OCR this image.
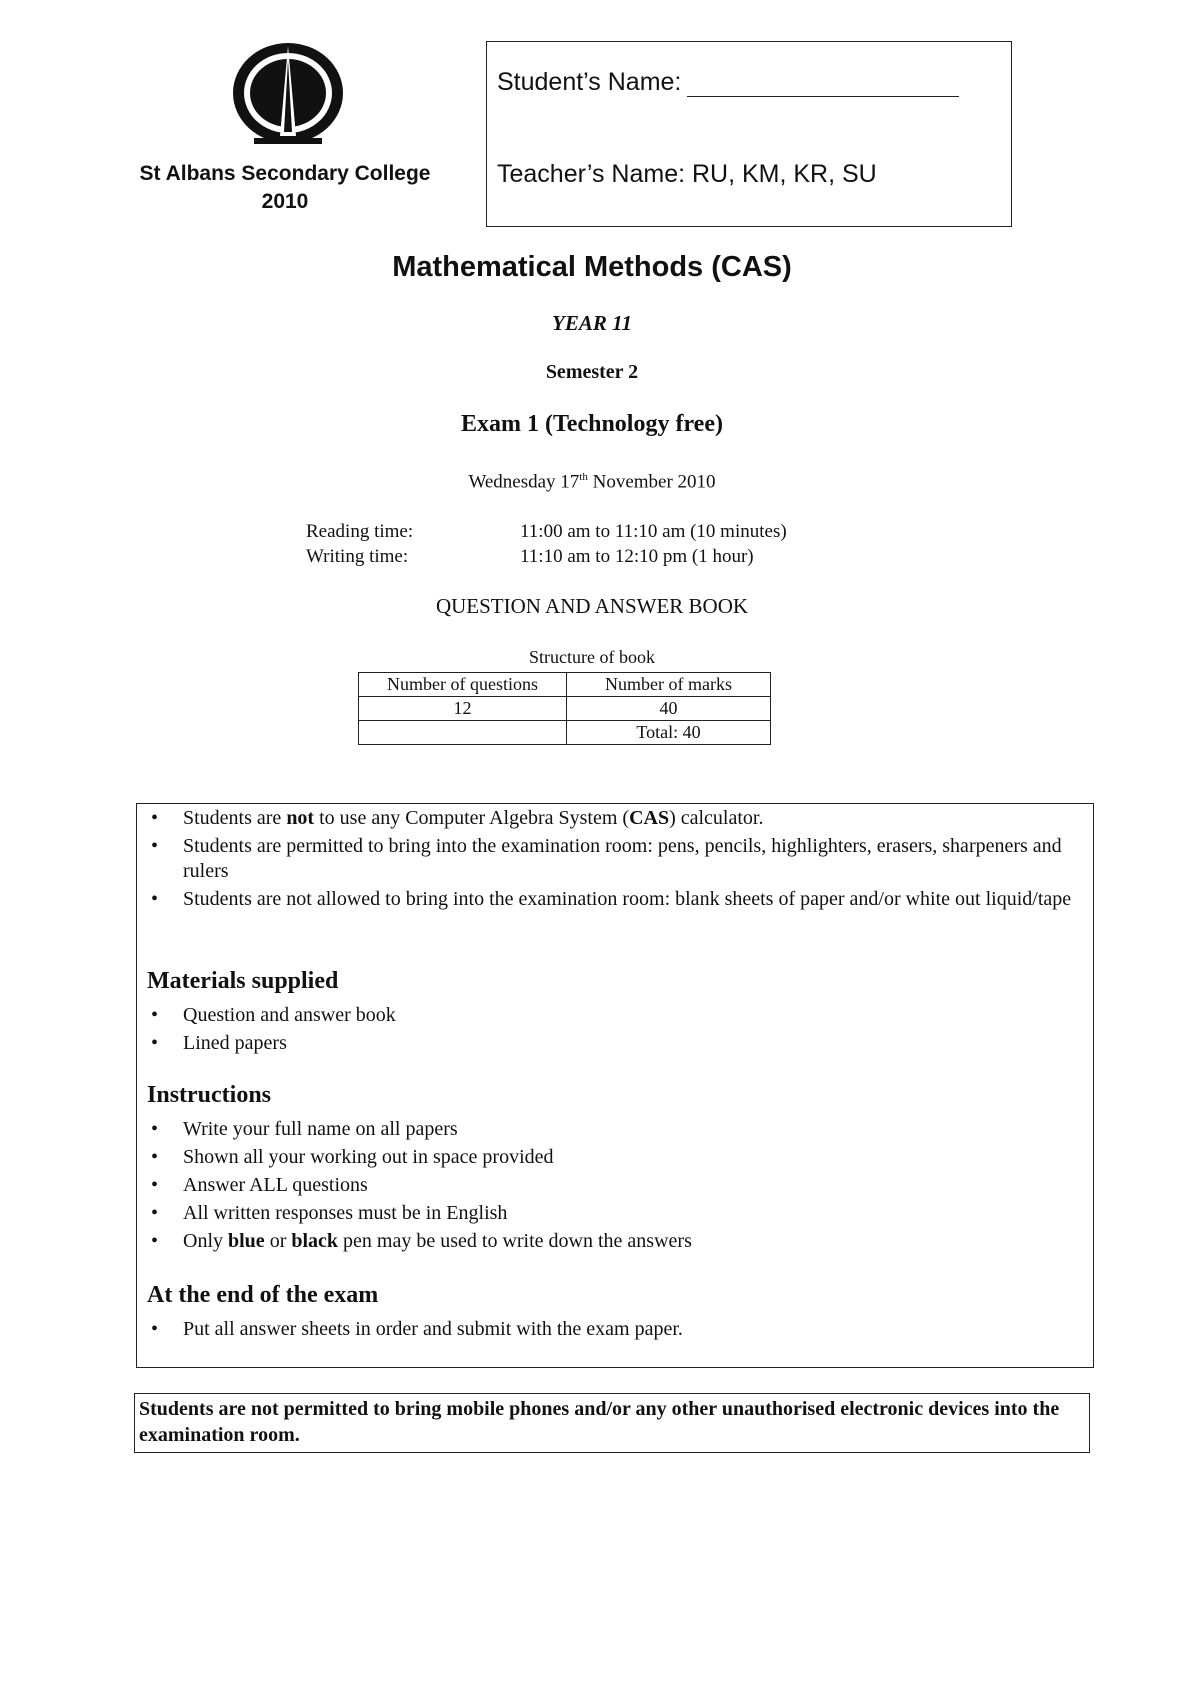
St Albans Secondary College
2010
Student’s Name:
Teacher’s Name: RU, KM, KR, SU
Mathematical Methods (CAS)
YEAR 11
Semester 2
Exam 1 (Technology free)
Wednesday 17th November 2010
Reading time:	11:00 am to 11:10 am (10 minutes)
Writing time:	11:10 am to 12:10 pm (1 hour)
QUESTION AND ANSWER BOOK
Structure of book
Number of questions	Number of marks
12	40
	Total: 40
• Students are not to use any Computer Algebra System (CAS) calculator.
• Students are permitted to bring into the examination room: pens, pencils, highlighters, erasers, sharpeners and rulers
• Students are not allowed to bring into the examination room: blank sheets of paper and/or white out liquid/tape
Materials supplied
• Question and answer book
• Lined papers
Instructions
• Write your full name on all papers
• Shown all your working out in space provided
• Answer ALL questions
• All written responses must be in English
• Only blue or black pen may be used to write down the answers
At the end of the exam
• Put all answer sheets in order and submit with the exam paper.
Students are not permitted to bring mobile phones and/or any other unauthorised electronic devices into the examination room.
